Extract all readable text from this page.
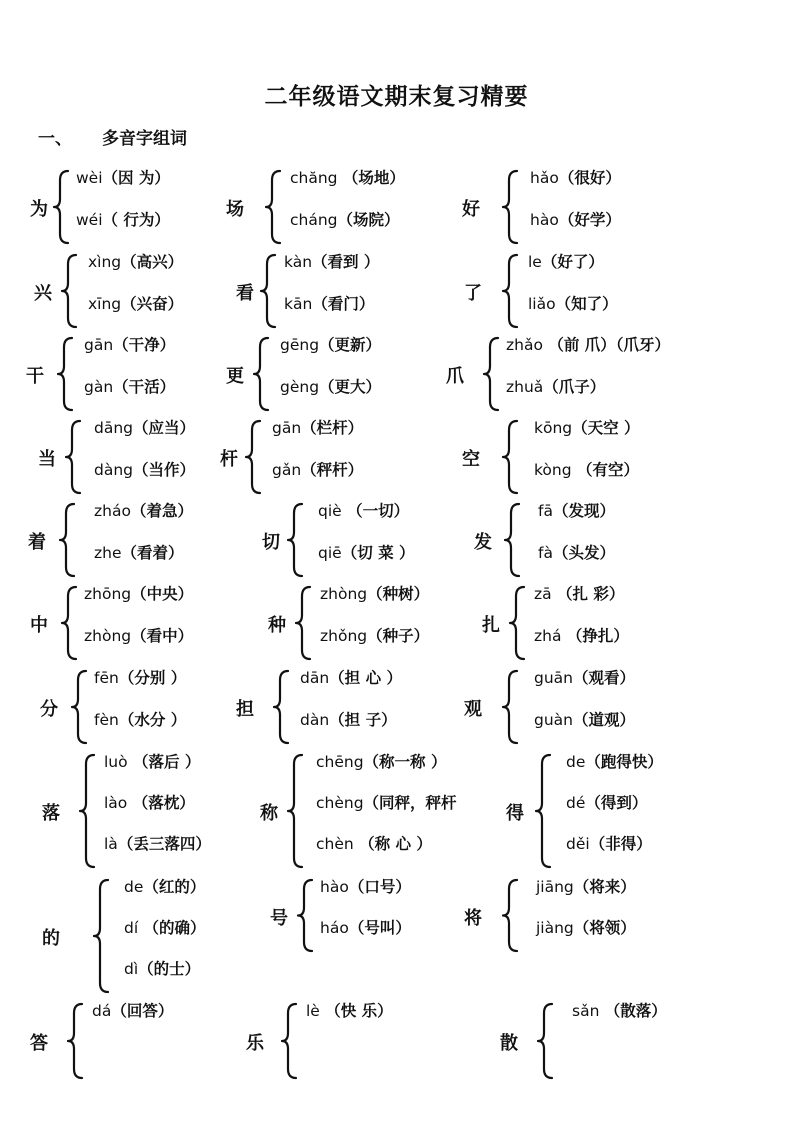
二年级语文期末复习精要
一、 多音字组词
为
wèi（因 为）
wéi（ 行为）	场
chăng （场地）
cháng（场院）	好
hǎo（很好）
hào（好学）
兴
xìng（高兴）
xīng（兴奋）	看
kàn（看到 ）
kān（看门）	了
le（好了）
liǎo（知了）
干
gān（干净）
gàn（干活）	更
gēng（更新）
gèng（更大）	爪
zhǎo （前 爪）（爪牙）
zhuǎ（爪子）
当
dāng（应当）
dàng（当作） 杆
gān（栏杆）
gǎn（秤杆）	空
kōng（天空 ）
kòng （有空）
着
zháo（着急）
zhe（看着）	切
qiè （一切）
qiē（切 菜 ）	发
fā（发现）
fà（头发）
中
zhōng（中央）
zhòng（看中）	种
zhòng（种树）
zhǒng（种子）	扎
zā （扎 彩）
zhá （挣扎）
分
fēn（分别 ）
fèn（水分 ）	担
dān（担 心 ）
dàn（担 子）	观
guān（观看）
guàn（道观）
落
luò （落后 ）
lào （落枕）
là（丢三落四）
称
chēng（称一称 ）
chèng（同秤，秤杆
chèn （称 心 ）
得
de（跑得快）
dé（得到）
děi（非得）
的
de（红的）
dí （的确）
dì（的士）
号
hào（口号）
háo（号叫）	将
jiāng（将来）
jiàng（将领）
答
dá（回答）
乐
lè （快 乐）
散
sǎn （散落）
